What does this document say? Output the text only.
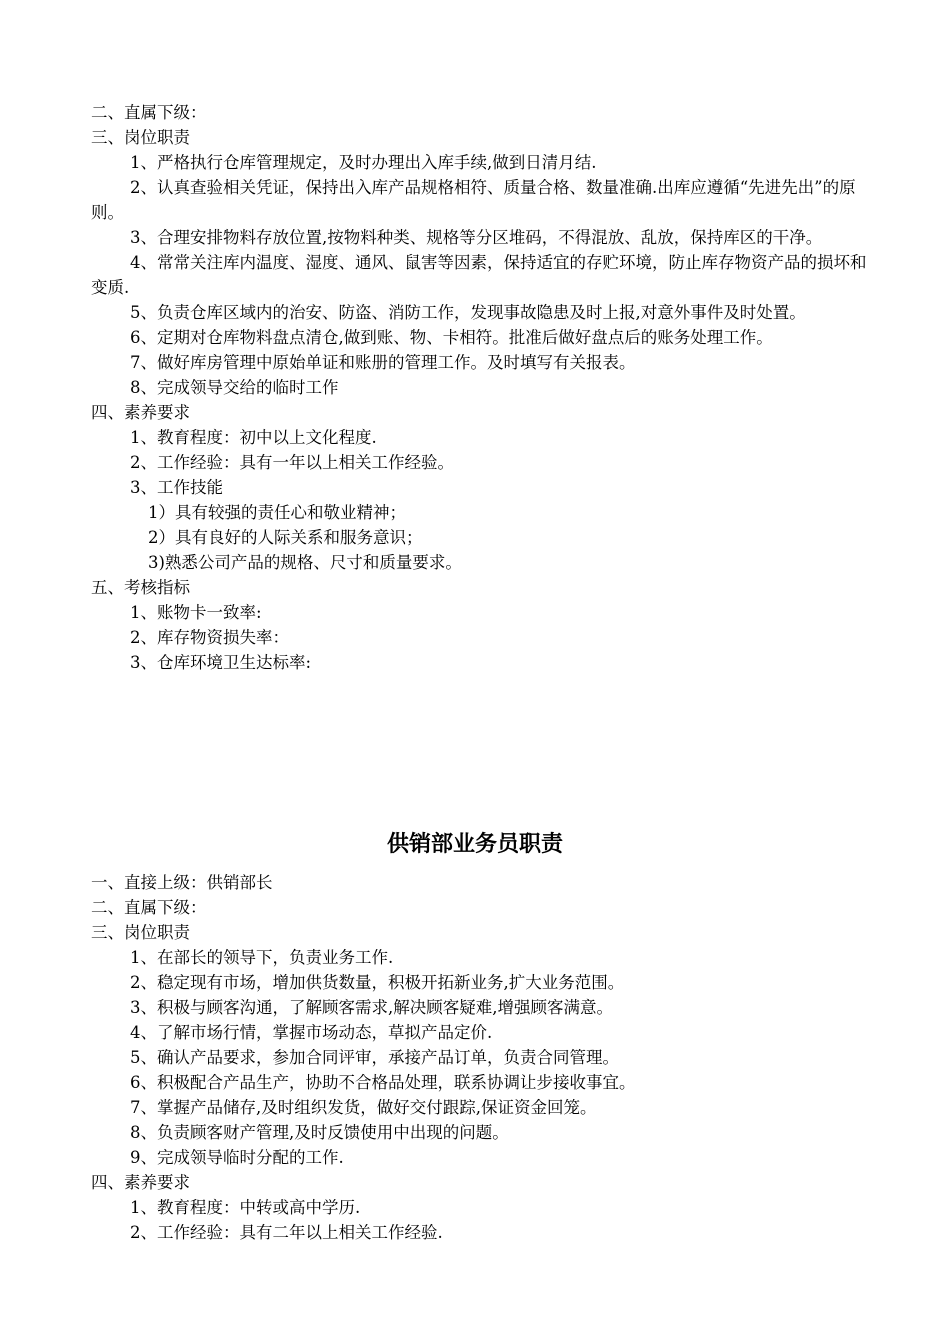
二、直属下级：
三、岗位职责
1、严格执行仓库管理规定，及时办理出入库手续,做到日清月结.
2、认真查验相关凭证，保持出入库产品规格相符、质量合格、数量准确.出库应遵循“先进先出”的原则。
3、合理安排物料存放位置,按物料种类、规格等分区堆码，不得混放、乱放，保持库区的干净。
4、常常关注库内温度、湿度、通风、鼠害等因素，保持适宜的存贮环境，防止库存物资产品的损坏和变质.
5、负责仓库区域内的治安、防盗、消防工作，发现事故隐患及时上报,对意外事件及时处置。
6、定期对仓库物料盘点清仓,做到账、物、卡相符。批准后做好盘点后的账务处理工作。
7、做好库房管理中原始单证和账册的管理工作。及时填写有关报表。
8、完成领导交给的临时工作
四、素养要求
1、教育程度：初中以上文化程度.
2、工作经验：具有一年以上相关工作经验。
3、工作技能
1）具有较强的责任心和敬业精神；
2）具有良好的人际关系和服务意识；
3)熟悉公司产品的规格、尺寸和质量要求。
五、考核指标
1、账物卡一致率:
2、库存物资损失率：
3、仓库环境卫生达标率:
供销部业务员职责
一、直接上级：供销部长
二、直属下级：
三、岗位职责
1、在部长的领导下，负责业务工作.
2、稳定现有市场，增加供货数量，积极开拓新业务,扩大业务范围。
3、积极与顾客沟通，了解顾客需求,解决顾客疑难,增强顾客满意。
4、了解市场行情，掌握市场动态，草拟产品定价.
5、确认产品要求，参加合同评审，承接产品订单，负责合同管理。
6、积极配合产品生产，协助不合格品处理，联系协调让步接收事宜。
7、掌握产品储存,及时组织发货，做好交付跟踪,保证资金回笼。
8、负责顾客财产管理,及时反馈使用中出现的问题。
9、完成领导临时分配的工作.
四、素养要求
1、教育程度：中转或高中学历.
2、工作经验：具有二年以上相关工作经验.
